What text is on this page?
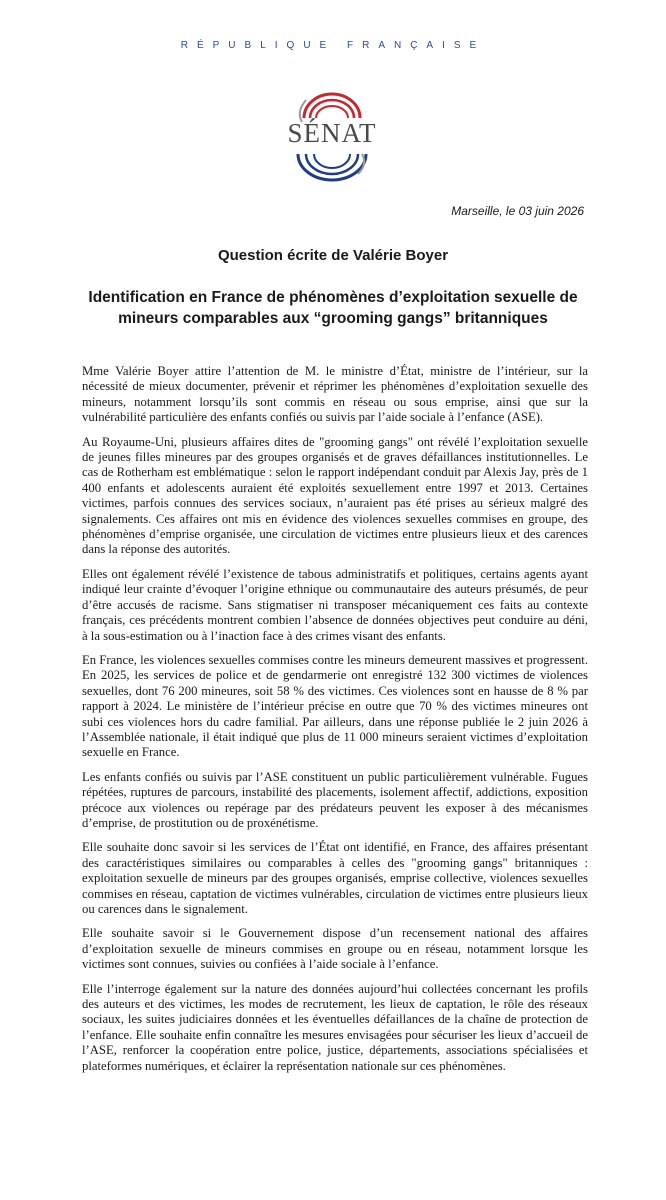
RÉPUBLIQUE FRANÇAISE
SÉNAT
Marseille, le 03 juin 2026
Question écrite de Valérie Boyer
Identification en France de phénomènes d’exploitation sexuelle de mineurs comparables aux “grooming gangs” britanniques

Mme Valérie Boyer attire l’attention de M. le ministre d’État, ministre de l’intérieur, sur la nécessité de mieux documenter, prévenir et réprimer les phénomènes d’exploitation sexuelle des mineurs, notamment lorsqu’ils sont commis en réseau ou sous emprise, ainsi que sur la vulnérabilité particulière des enfants confiés ou suivis par l’aide sociale à l’enfance (ASE).

Au Royaume-Uni, plusieurs affaires dites de "grooming gangs" ont révélé l’exploitation sexuelle de jeunes filles mineures par des groupes organisés et de graves défaillances institutionnelles. Le cas de Rotherham est emblématique : selon le rapport indépendant conduit par Alexis Jay, près de 1 400 enfants et adolescents auraient été exploités sexuellement entre 1997 et 2013. Certaines victimes, parfois connues des services sociaux, n’auraient pas été prises au sérieux malgré des signalements. Ces affaires ont mis en évidence des violences sexuelles commises en groupe, des phénomènes d’emprise organisée, une circulation de victimes entre plusieurs lieux et des carences dans la réponse des autorités.

Elles ont également révélé l’existence de tabous administratifs et politiques, certains agents ayant indiqué leur crainte d’évoquer l’origine ethnique ou communautaire des auteurs présumés, de peur d’être accusés de racisme. Sans stigmatiser ni transposer mécaniquement ces faits au contexte français, ces précédents montrent combien l’absence de données objectives peut conduire au déni, à la sous-estimation ou à l’inaction face à des crimes visant des enfants.

En France, les violences sexuelles commises contre les mineurs demeurent massives et progressent. En 2025, les services de police et de gendarmerie ont enregistré 132 300 victimes de violences sexuelles, dont 76 200 mineures, soit 58 % des victimes. Ces violences sont en hausse de 8 % par rapport à 2024. Le ministère de l’intérieur précise en outre que 70 % des victimes mineures ont subi ces violences hors du cadre familial. Par ailleurs, dans une réponse publiée le 2 juin 2026 à l’Assemblée nationale, il était indiqué que plus de 11 000 mineurs seraient victimes d’exploitation sexuelle en France.

Les enfants confiés ou suivis par l’ASE constituent un public particulièrement vulnérable. Fugues répétées, ruptures de parcours, instabilité des placements, isolement affectif, addictions, exposition précoce aux violences ou repérage par des prédateurs peuvent les exposer à des mécanismes d’emprise, de prostitution ou de proxénétisme.

Elle souhaite donc savoir si les services de l’État ont identifié, en France, des affaires présentant des caractéristiques similaires ou comparables à celles des "grooming gangs" britanniques : exploitation sexuelle de mineurs par des groupes organisés, emprise collective, violences sexuelles commises en réseau, captation de victimes vulnérables, circulation de victimes entre plusieurs lieux ou carences dans le signalement.

Elle souhaite savoir si le Gouvernement dispose d’un recensement national des affaires d’exploitation sexuelle de mineurs commises en groupe ou en réseau, notamment lorsque les victimes sont connues, suivies ou confiées à l’aide sociale à l’enfance.

Elle l’interroge également sur la nature des données aujourd’hui collectées concernant les profils des auteurs et des victimes, les modes de recrutement, les lieux de captation, le rôle des réseaux sociaux, les suites judiciaires données et les éventuelles défaillances de la chaîne de protection de l’enfance. Elle souhaite enfin connaître les mesures envisagées pour sécuriser les lieux d’accueil de l’ASE, renforcer la coopération entre police, justice, départements, associations spécialisées et plateformes numériques, et éclairer la représentation nationale sur ces phénomènes.
